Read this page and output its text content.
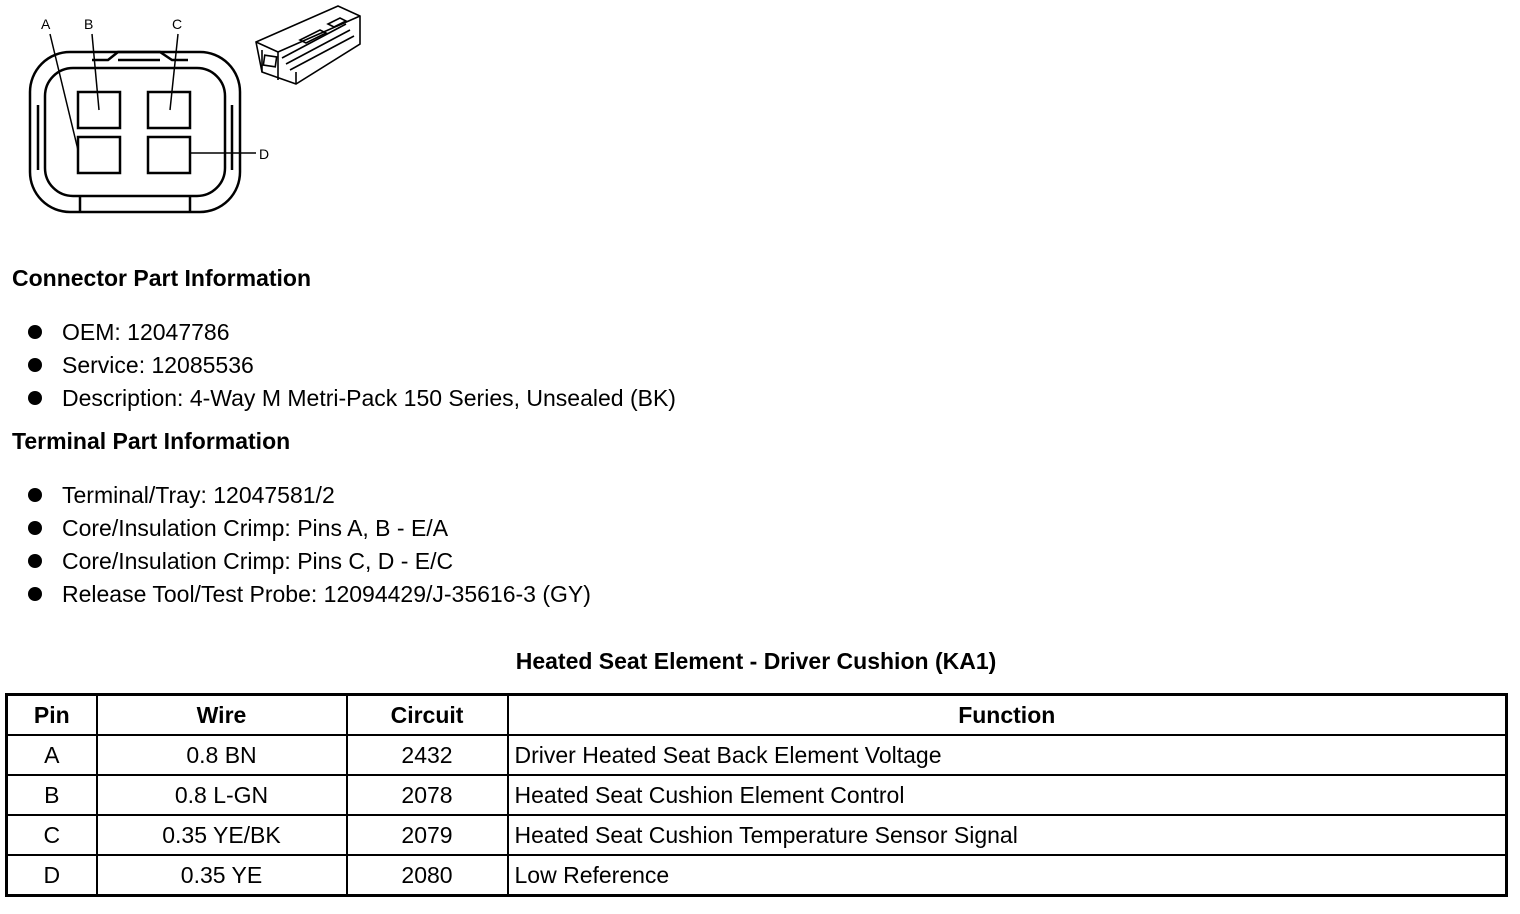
A B	C
D
Connector Part Information
OEM: 12047786
Service: 12085536
Description: 4-Way M Metri-Pack 150 Series, Unsealed (BK)
Terminal Part Information
Terminal/Tray: 12047581/2
Core/Insulation Crimp: Pins A, B - E/A
Core/Insulation Crimp: Pins C, D - E/C
Release Tool/Test Probe: 12094429/J-35616-3 (GY)
Heated Seat Element - Driver Cushion (KA1)
Pin	Wire	Circuit	Function
A	0.8 BN	2432	Driver Heated Seat Back Element Voltage
B	0.8 L-GN	2078	Heated Seat Cushion Element Control
C	0.35 YE/BK	2079	Heated Seat Cushion Temperature Sensor Signal
D	0.35 YE	2080	Low Reference
